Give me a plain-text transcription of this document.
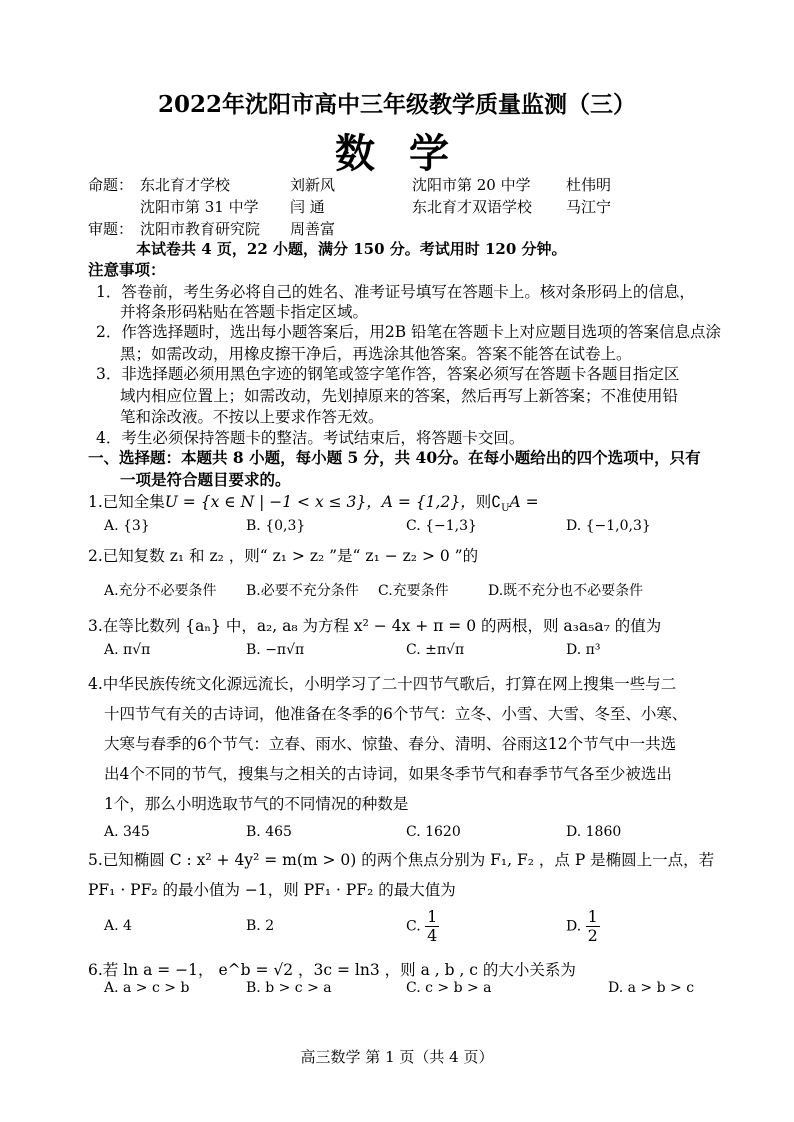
2022年沈阳市高中三年级教学质量监测（三）
数 学
命题： 东北育才学校	刘新风	沈阳市第 20 中学 杜伟明
沈阳市第 31 中学 闫 通	东北育才双语学校 马江宁
审题： 沈阳市教育研究院 周善富
本试卷共 4 页，22 小题，满分 150 分。考试用时 120 分钟。
注意事项：
1．答卷前，考生务必将自己的姓名、准考证号填写在答题卡上。核对条形码上的信息，
并将条形码粘贴在答题卡指定区域。
2．作答选择题时，选出每小题答案后，用2B 铅笔在答题卡上对应题目选项的答案信息点涂
黑；如需改动，用橡皮擦干净后，再选涂其他答案。答案不能答在试卷上。
3．非选择题必须用黑色字迹的钢笔或签字笔作答，答案必须写在答题卡各题目指定区
域内相应位置上；如需改动，先划掉原来的答案，然后再写上新答案；不准使用铅
笔和涂改液。不按以上要求作答无效。
4．考生必须保持答题卡的整洁。考试结束后，将答题卡交回。
一、选择题：本题共 8 小题，每小题 5 分，共 40分。在每小题给出的四个选项中，只有
一项是符合题目要求的。
1.已知全集U = {x ∈ N | −1 < x ≤ 3}，A = {1,2}，则$∁_UA$ =
A. {3}	B. {0,3}	C. {−1,3}	D. {−1,0,3}
2.已知复数 z₁ 和 z₂ ，则“ z₁ > z₂ ”是“ z₁ − z₂ > 0 ”的
A.充分不必要条件 B.必要不充分条件 C.充要条件	D.既不充分也不必要条件
3.在等比数列 {aₙ} 中，a₂, a₈ 为方程 x² − 4x + π = 0 的两根，则 a₃a₅a₇ 的值为
A. π√π	B. −π√π	C. ±π√π	D. π³
4.中华民族传统文化源远流长，小明学习了二十四节气歌后，打算在网上搜集一些与二
十四节气有关的古诗词，他准备在冬季的6个节气：立冬、小雪、大雪、冬至、小寒、
大寒与春季的6个节气：立春、雨水、惊蛰、春分、清明、谷雨这12个节气中一共选
出4个不同的节气，搜集与之相关的古诗词，如果冬季节气和春季节气各至少被选出
1个，那么小明选取节气的不同情况的种数是
A. 345	B. 465	C. 1620	D. 1860
5.已知椭圆 C : x² + 4y² = m(m > 0) 的两个焦点分别为 F₁, F₂ ，点 P 是椭圆上一点，若
PF₁ · PF₂ 的最小值为 −1，则 PF₁ · PF₂ 的最大值为
A. 4	B. 2	C. $\frac{1}{4}$	D. $\frac{1}{2}$
6.若 ln a = −1， e^b = √2 ，3c = ln3 ，则 a , b , c 的大小关系为
A. a > c > b	B. b > c > a	C. c > b > a	D. a > b > c
高三数学 第 1 页（共 4 页）
